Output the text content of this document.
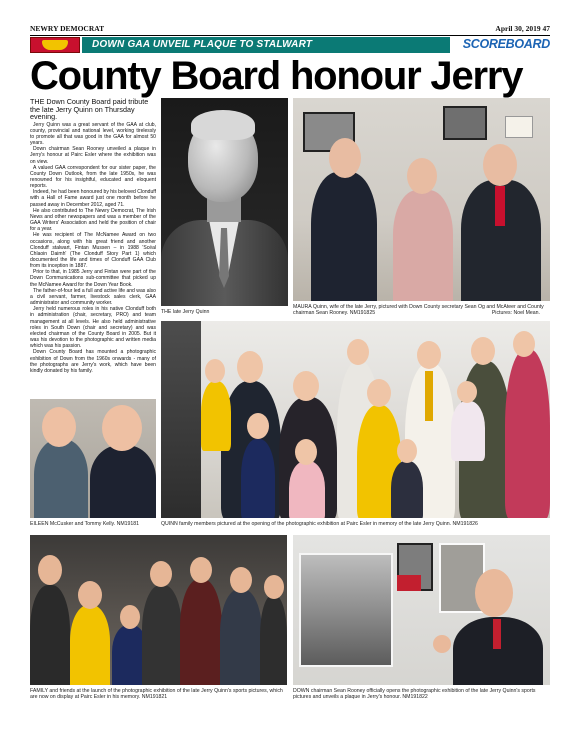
NEWRY DEMOCRAT	April 30, 2019 47
DOWN GAA UNVEIL PLAQUE TO STALWART	SCOREBOARD
County Board honour Jerry
THE Down County Board paid tribute the late Jerry Quinn on Thursday evening.

Jerry Quinn was a great servant of the GAA at club, county, provincial and national level, working tirelessly to promote all that was good in the GAA for almost 50 years.

Down chairman Sean Rooney unveiled a plaque in Jerry's honour at Pairc Esler where the exhibition was on view.

A valued GAA correspondent for our sister paper, the County Down Outlook, from the late 1950s, he was renowned for his insightful, educated and eloquent reports.

Indeed, he had been honoured by his beloved Clonduff with a Hall of Fame award just one month before he passed away in December 2012, aged 71.

He also contributed to The Newry Democrat, The Irish News and other newspapers and was a member of the GAA Writers' Association and held the position of chair for a year.

He was recipient of The McNamee Award on two occasions, along with his great friend and another Clonduff stalwart, Fintan Mussen – in 1988 'Scéal Chlaoin Daimh' (The Clonduff Story Part 1) which documented the life and times of Clonduff GAA Club from its inception in 1887.

Prior to that, in 1985 Jerry and Fintan were part of the Down Communications sub-committee that picked up the McNamee Award for the Down Year Book.

The father-of-four led a full and active life and was also a civil servant, farmer, livestock sales clerk, GAA administrator and community worker.

Jerry held numerous roles in his native Clonduff both in administration (chair, secretary, PRO) and team management at all levels. He also held administrative roles in South Down (chair and secretary) and was elected chairman of the County Board in 2005. But it was his devotion to the photographic and written media which was his passion.

Down County Board has mounted a photographic exhibition of Down from the 1960s onwards - many of the photographs are Jerry's work, which have been kindly donated by his family.

THE late Jerry Quinn
MAURA Quinn, wife of the late Jerry, pictured with Down County secretary Sean Og and McAteer and County chairman Sean Rooney. NM191825	Pictures: Noel Mean.
QUINN family members pictured at the opening of the photographic exhibition at Pairc Esler in memory of the late Jerry Quinn. NM191826
EILEEN McCusker and Tommy Kelly. NM19181
FAMILY and friends at the launch of the photographic exhibition of the late Jerry Quinn's sports pictures, which are now on display at Pairc Esler in his memory. NM191821
DOWN chairman Sean Rooney officially opens the photographic exhibition of the late Jerry Quinn's sports pictures and unveils a plaque in Jerry's honour. NM191822
